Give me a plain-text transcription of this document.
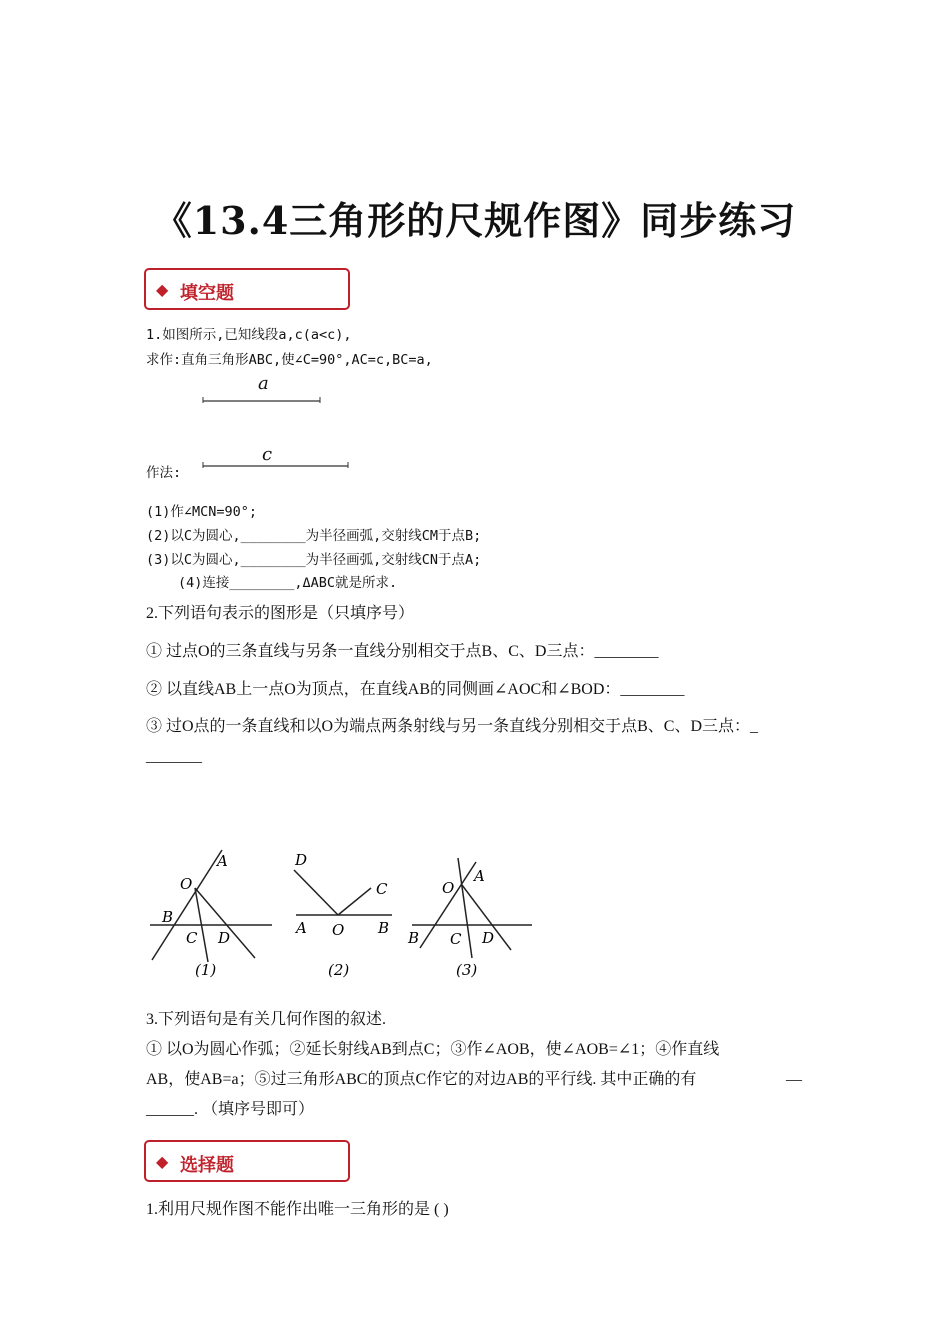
《13.4三角形的尺规作图》同步练习
◆ 填空题
1.如图所示,已知线段a,c(a<c),
求作:直角三角形ABC,使∠C=90°,AC=c,BC=a,
a
c
作法:
(1)作∠MCN=90°;
(2)以C为圆心,________为半径画弧,交射线CM于点B;
(3)以C为圆心,________为半径画弧,交射线CN于点A;
(4)连接________,ΔABC就是所求.
2.下列语句表示的图形是（只填序号）
① 过点O的三条直线与另条一直线分别相交于点B、C、D三点：________
② 以直线AB上一点O为顶点，在直线AB的同侧画∠AOC和∠BOD：________
③ 过O点的一条直线和以O为端点两条射线与另一条直线分别相交于点B、C、D三点：_
_______
A
O
B
C D
(1)
D
C
A O B
(2)
O
A
B C D
(3)
3.下列语句是有关几何作图的叙述.
① 以O为圆心作弧；②延长射线AB到点C；③作∠AOB，使∠AOB=∠1；④作直线
AB，使AB=a；⑤过三角形ABC的顶点C作它的对边AB的平行线. 其中正确的有	__
______. （填序号即可）
◆ 选择题
1.利用尺规作图不能作出唯一三角形的是 ( )
